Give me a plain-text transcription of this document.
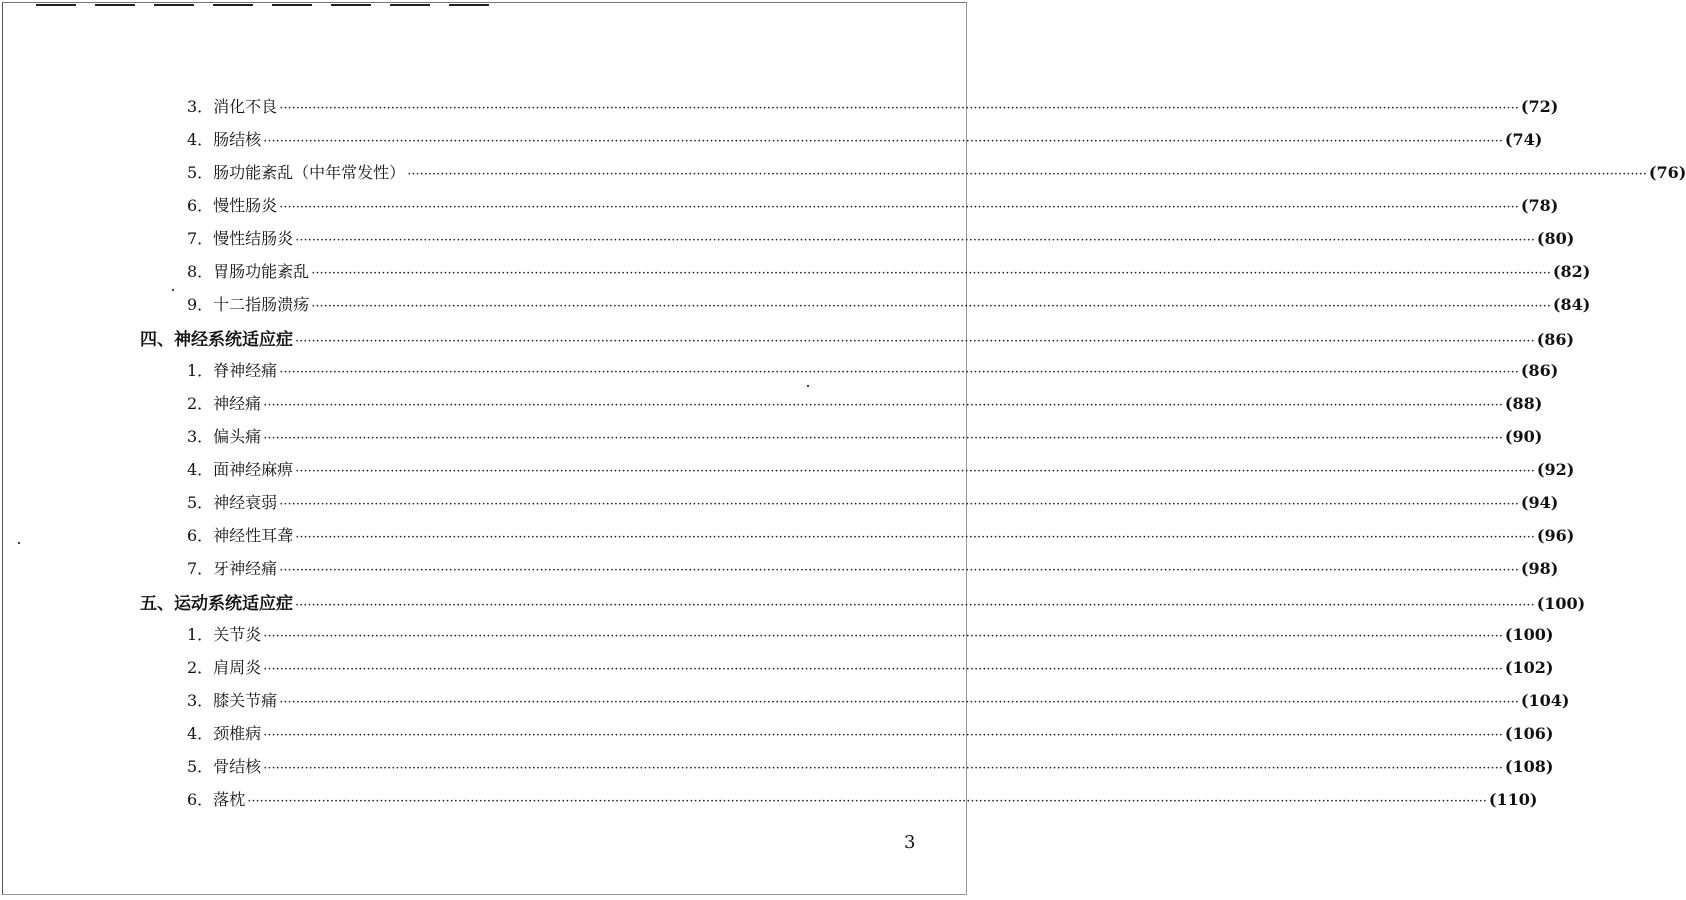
3．消化不良 ············································································································································································································································································································ (72)
4．肠结核 ············································································································································································································································································································ (74)
5．肠功能紊乱（中年常发性） ············································································································································································································································································································ (76)
6．慢性肠炎 ············································································································································································································································································································ (78)
7．慢性结肠炎 ············································································································································································································································································································ (80)
8．胃肠功能紊乱 ············································································································································································································································································································ (82)
9．十二指肠溃疡 ············································································································································································································································································································ (84)
四、神经系统适应症 ············································································································································································································································································································ (86)
1．脊神经痛 ············································································································································································································································································································ (86)
2．神经痛 ············································································································································································································································································································ (88)
3．偏头痛 ············································································································································································································································································································ (90)
4．面神经麻痹 ············································································································································································································································································································ (92)
5．神经衰弱 ············································································································································································································································································································ (94)
6．神经性耳聋 ············································································································································································································································································································ (96)
7．牙神经痛 ············································································································································································································································································································ (98)
五、运动系统适应症 ············································································································································································································································································································ (100)
1．关节炎 ············································································································································································································································································································ (100)
2．肩周炎 ············································································································································································································································································································ (102)
3．膝关节痛 ············································································································································································································································································································ (104)
4．颈椎病 ············································································································································································································································································································ (106)
5．骨结核 ············································································································································································································································································································ (108)
6．落枕 ············································································································································································································································································································ (110)
3
